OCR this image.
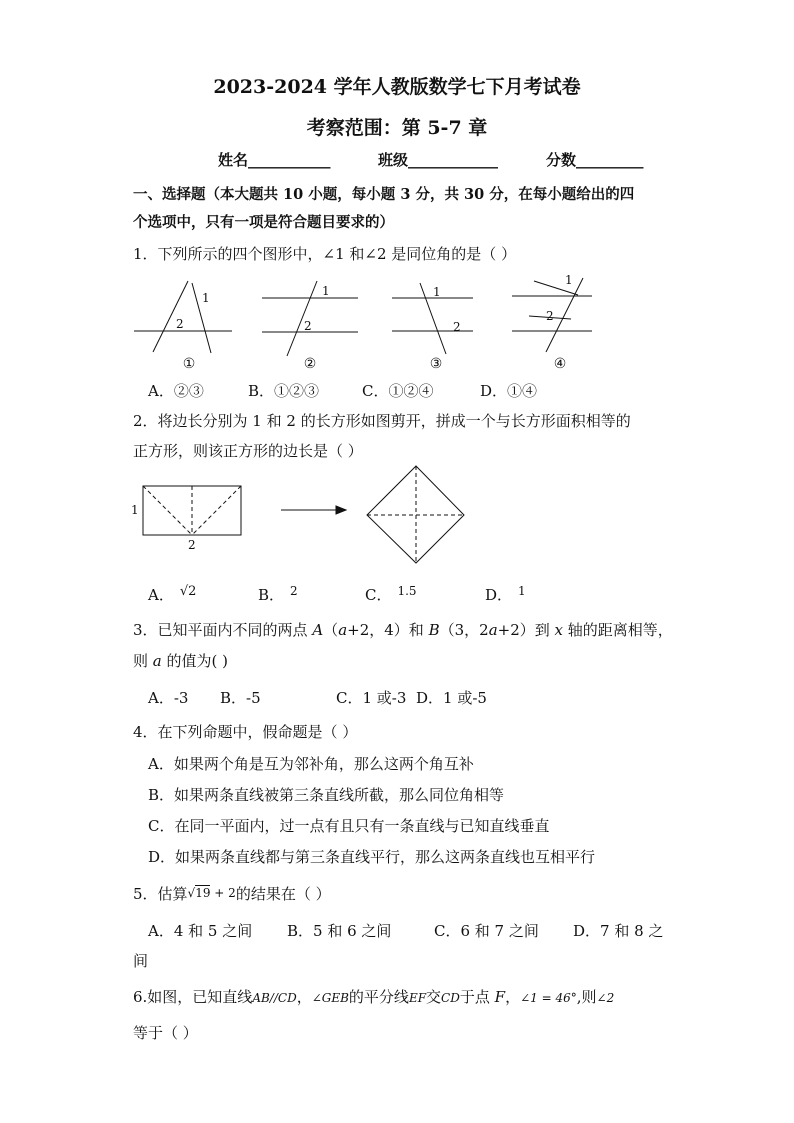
2023-2024 学年人教版数学七下月考试卷
考察范围：第 5-7 章
姓名___________	班级____________	分数_________
一、选择题（本大题共 10 小题，每小题 3 分，共 30 分，在每小题给出的四
个选项中，只有一项是符合题目要求的）
1．下列所示的四个图形中，∠1 和∠2 是同位角的是（ ）
1
2
1
2
1
2
1
2
①	②	③	④
A．②③	B．①②③	C．①②④	D．①④
2．将边长分别为 1 和 2 的长方形如图剪开，拼成一个与长方形面积相等的
正方形，则该正方形的边长是（ ）
1
2
A． √2	B． $^2$	C． $^{1.5}$	D． $^1$
3．已知平面内不同的两点 A（a+2，4）和 B（3，2a+2）到 x 轴的距离相等，
则 a 的值为( )
A．-3 B．-5	C．1 或-3 D．1 或-5
4．在下列命题中，假命题是（ ）
A．如果两个角是互为邻补角，那么这两个角互补
B．如果两条直线被第三条直线所截，那么同位角相等
C．在同一平面内，过一点有且只有一条直线与已知直线垂直
D．如果两条直线都与第三条直线平行，那么这两条直线也互相平行
5．估算√19 + 2的结果在（ ）
A．4 和 5 之间 B．5 和 6 之间	C．6 和 7 之间 D．7 和 8 之
间
6.如图，已知直线AB//CD，∠GEB的平分线EF交CD于点 F，∠1 = 46°,则∠2
等于（ ）
